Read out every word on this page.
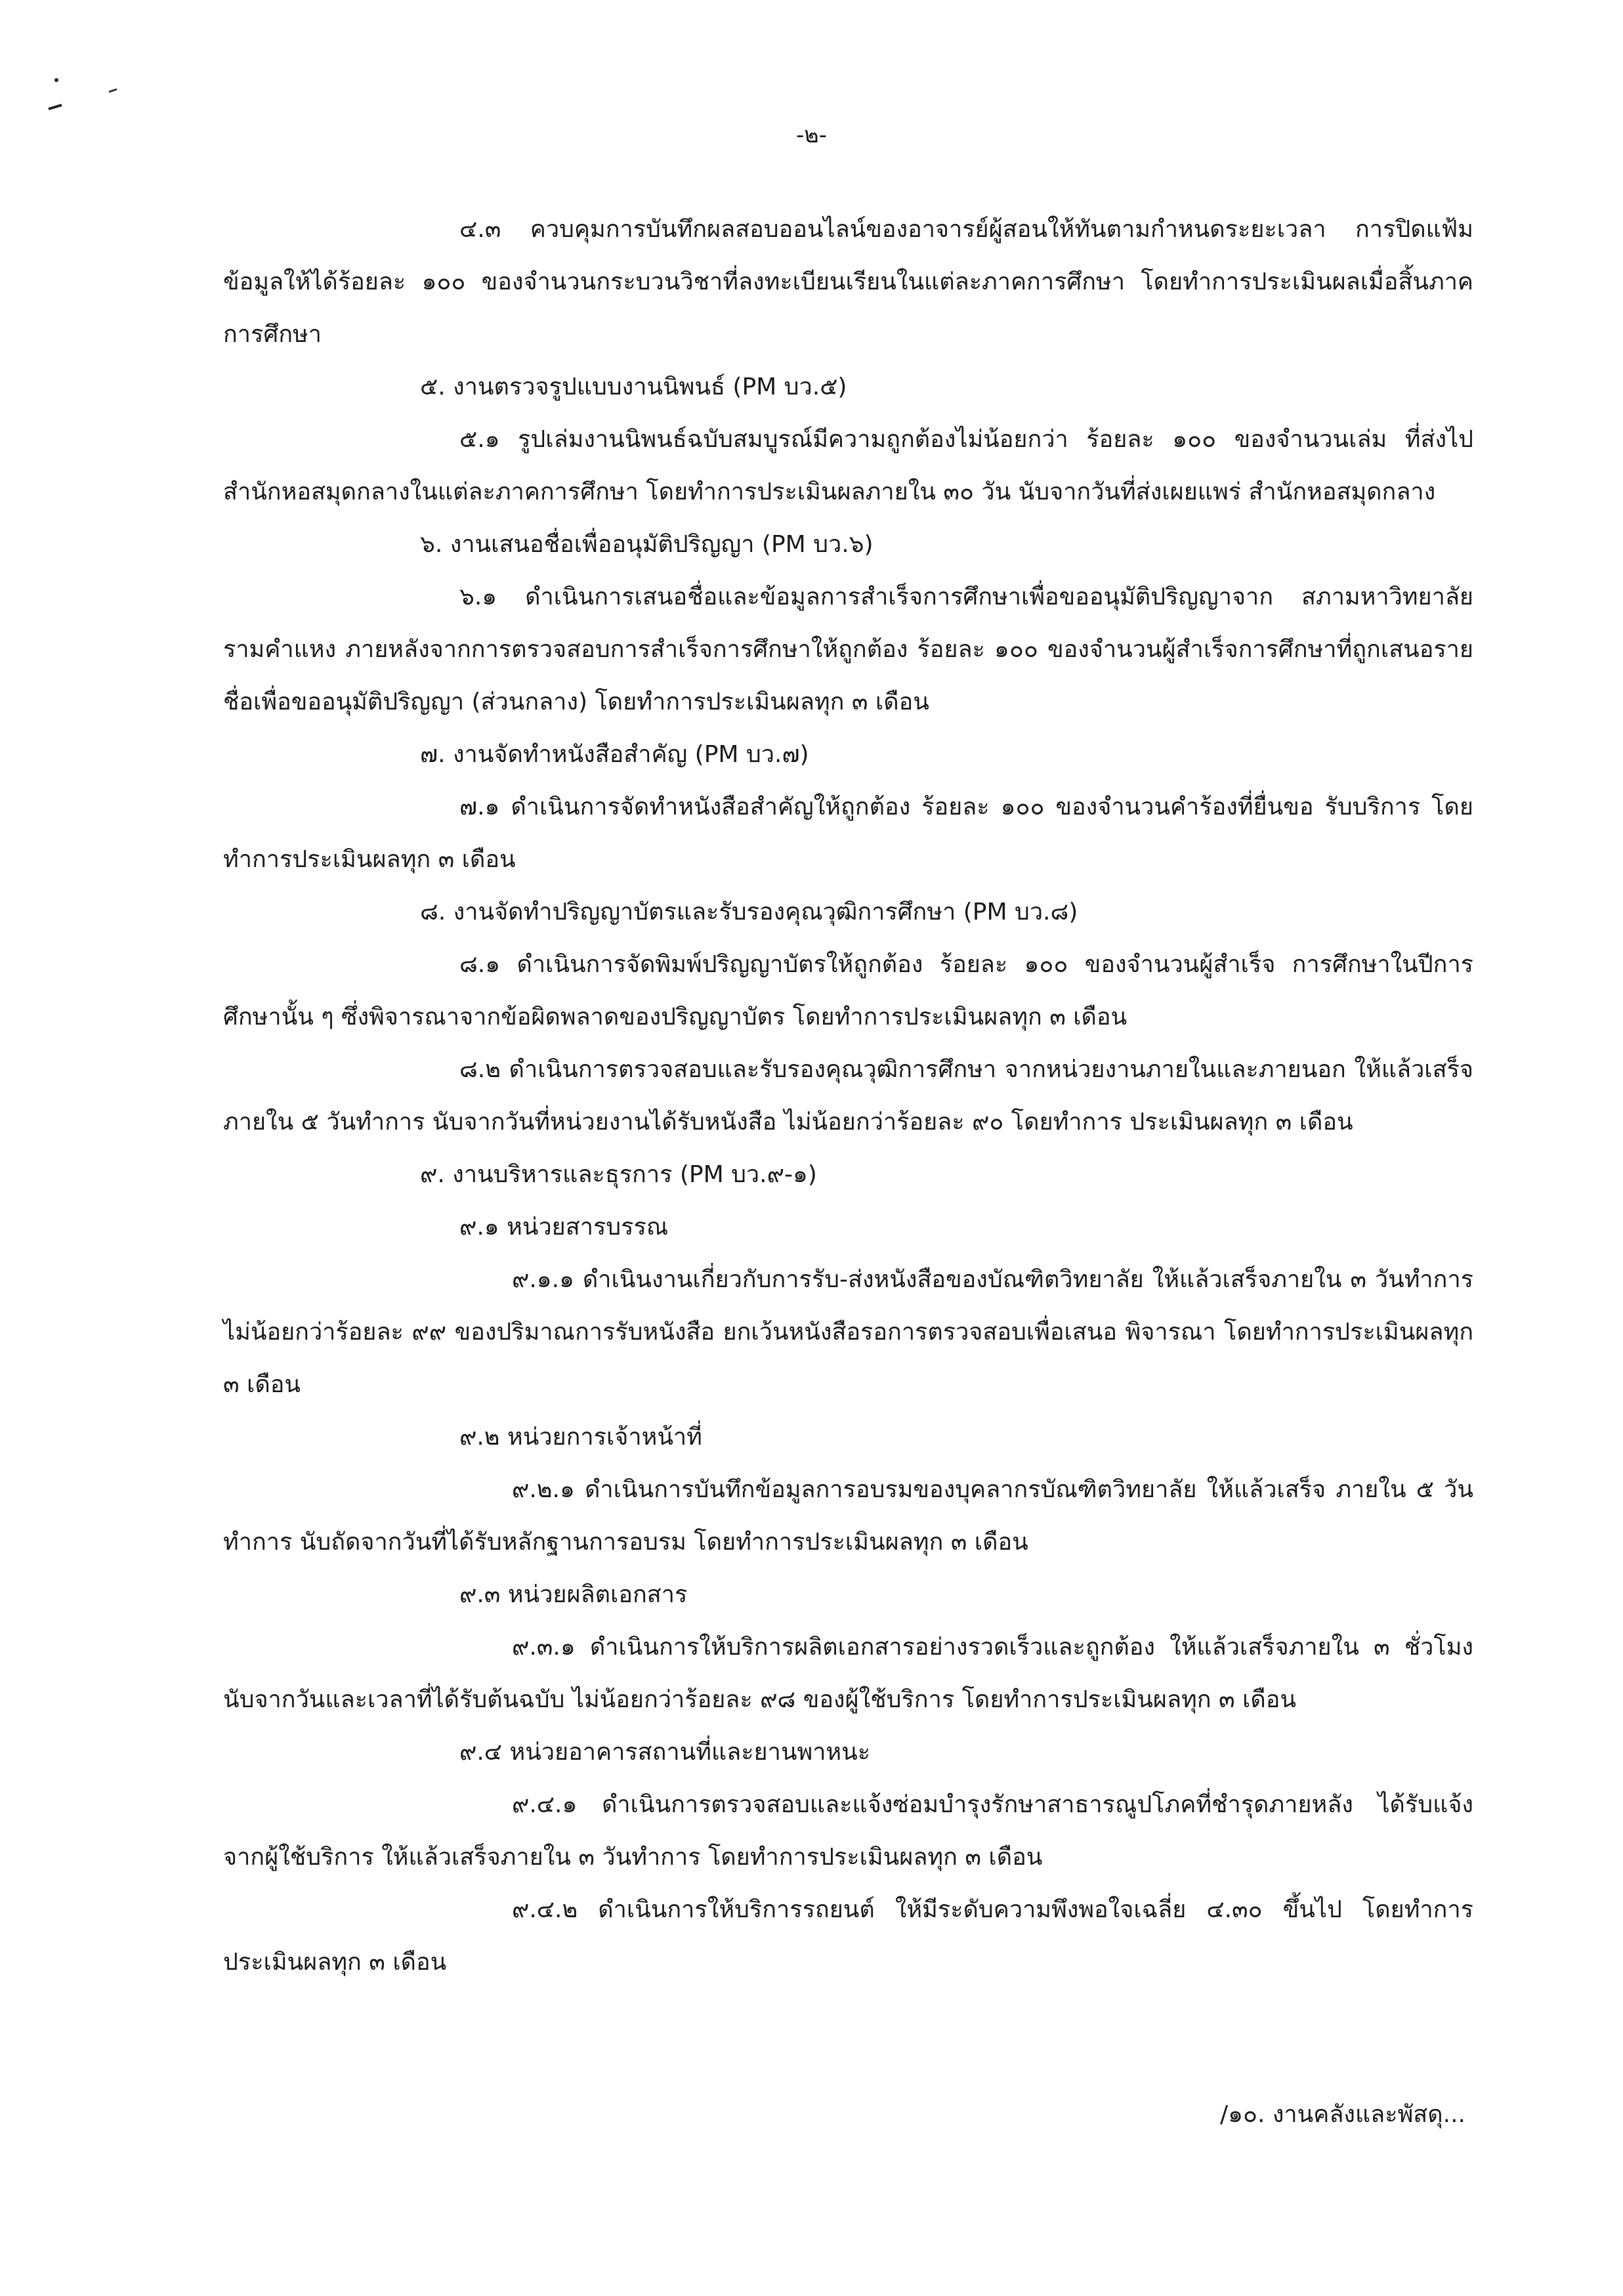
-๒-

๔.๓ ควบคุมการบันทึกผลสอบออนไลน์ของอาจารย์ผู้สอนให้ทันตามกำหนดระยะเวลา การปิดแฟ้มข้อมูลให้ได้ร้อยละ ๑๐๐ ของจำนวนกระบวนวิชาที่ลงทะเบียนเรียนในแต่ละภาคการศึกษา โดยทำการประเมินผลเมื่อสิ้นภาคการศึกษา

๕. งานตรวจรูปแบบงานนิพนธ์ (PM บว.๕)

๕.๑ รูปเล่มงานนิพนธ์ฉบับสมบูรณ์มีความถูกต้องไม่น้อยกว่า ร้อยละ ๑๐๐ ของจำนวนเล่ม ที่ส่งไปสำนักหอสมุดกลางในแต่ละภาคการศึกษา โดยทำการประเมินผลภายใน ๓๐ วัน นับจากวันที่ส่งเผยแพร่ สำนักหอสมุดกลาง

๖. งานเสนอชื่อเพื่ออนุมัติปริญญา (PM บว.๖)

๖.๑ ดำเนินการเสนอชื่อและข้อมูลการสำเร็จการศึกษาเพื่อขออนุมัติปริญญาจาก สภามหาวิทยาลัยรามคำแหง ภายหลังจากการตรวจสอบการสำเร็จการศึกษาให้ถูกต้อง ร้อยละ ๑๐๐ ของจำนวนผู้สำเร็จการศึกษาที่ถูกเสนอรายชื่อเพื่อขออนุมัติปริญญา (ส่วนกลาง) โดยทำการประเมินผลทุก ๓ เดือน

๗. งานจัดทำหนังสือสำคัญ (PM บว.๗)

๗.๑ ดำเนินการจัดทำหนังสือสำคัญให้ถูกต้อง ร้อยละ ๑๐๐ ของจำนวนคำร้องที่ยื่นขอ รับบริการ โดยทำการประเมินผลทุก ๓ เดือน

๘. งานจัดทำปริญญาบัตรและรับรองคุณวุฒิการศึกษา (PM บว.๘)

๘.๑ ดำเนินการจัดพิมพ์ปริญญาบัตรให้ถูกต้อง ร้อยละ ๑๐๐ ของจำนวนผู้สำเร็จ การศึกษาในปีการศึกษานั้น ๆ ซึ่งพิจารณาจากข้อผิดพลาดของปริญญาบัตร โดยทำการประเมินผลทุก ๓ เดือน

๘.๒ ดำเนินการตรวจสอบและรับรองคุณวุฒิการศึกษา จากหน่วยงานภายในและภายนอก ให้แล้วเสร็จภายใน ๕ วันทำการ นับจากวันที่หน่วยงานได้รับหนังสือ ไม่น้อยกว่าร้อยละ ๙๐ โดยทำการ ประเมินผลทุก ๓ เดือน

๙. งานบริหารและธุรการ (PM บว.๙-๑)

๙.๑ หน่วยสารบรรณ

๙.๑.๑ ดำเนินงานเกี่ยวกับการรับ-ส่งหนังสือของบัณฑิตวิทยาลัย ให้แล้วเสร็จภายใน ๓ วันทำการ ไม่น้อยกว่าร้อยละ ๙๙ ของปริมาณการรับหนังสือ ยกเว้นหนังสือรอการตรวจสอบเพื่อเสนอ พิจารณา โดยทำการประเมินผลทุก ๓ เดือน

๙.๒ หน่วยการเจ้าหน้าที่

๙.๒.๑ ดำเนินการบันทึกข้อมูลการอบรมของบุคลากรบัณฑิตวิทยาลัย ให้แล้วเสร็จ ภายใน ๕ วันทำการ นับถัดจากวันที่ได้รับหลักฐานการอบรม โดยทำการประเมินผลทุก ๓ เดือน

๙.๓ หน่วยผลิตเอกสาร

๙.๓.๑ ดำเนินการให้บริการผลิตเอกสารอย่างรวดเร็วและถูกต้อง ให้แล้วเสร็จภายใน ๓ ชั่วโมง นับจากวันและเวลาที่ได้รับต้นฉบับ ไม่น้อยกว่าร้อยละ ๙๘ ของผู้ใช้บริการ โดยทำการประเมินผลทุก ๓ เดือน

๙.๔ หน่วยอาคารสถานที่และยานพาหนะ

๙.๔.๑ ดำเนินการตรวจสอบและแจ้งซ่อมบำรุงรักษาสาธารณูปโภคที่ชำรุดภายหลัง ได้รับแจ้งจากผู้ใช้บริการ ให้แล้วเสร็จภายใน ๓ วันทำการ โดยทำการประเมินผลทุก ๓ เดือน

๙.๔.๒ ดำเนินการให้บริการรถยนต์ ให้มีระดับความพึงพอใจเฉลี่ย ๔.๓๐ ขึ้นไป โดยทำการประเมินผลทุก ๓ เดือน

/๑๐. งานคลังและพัสดุ...
